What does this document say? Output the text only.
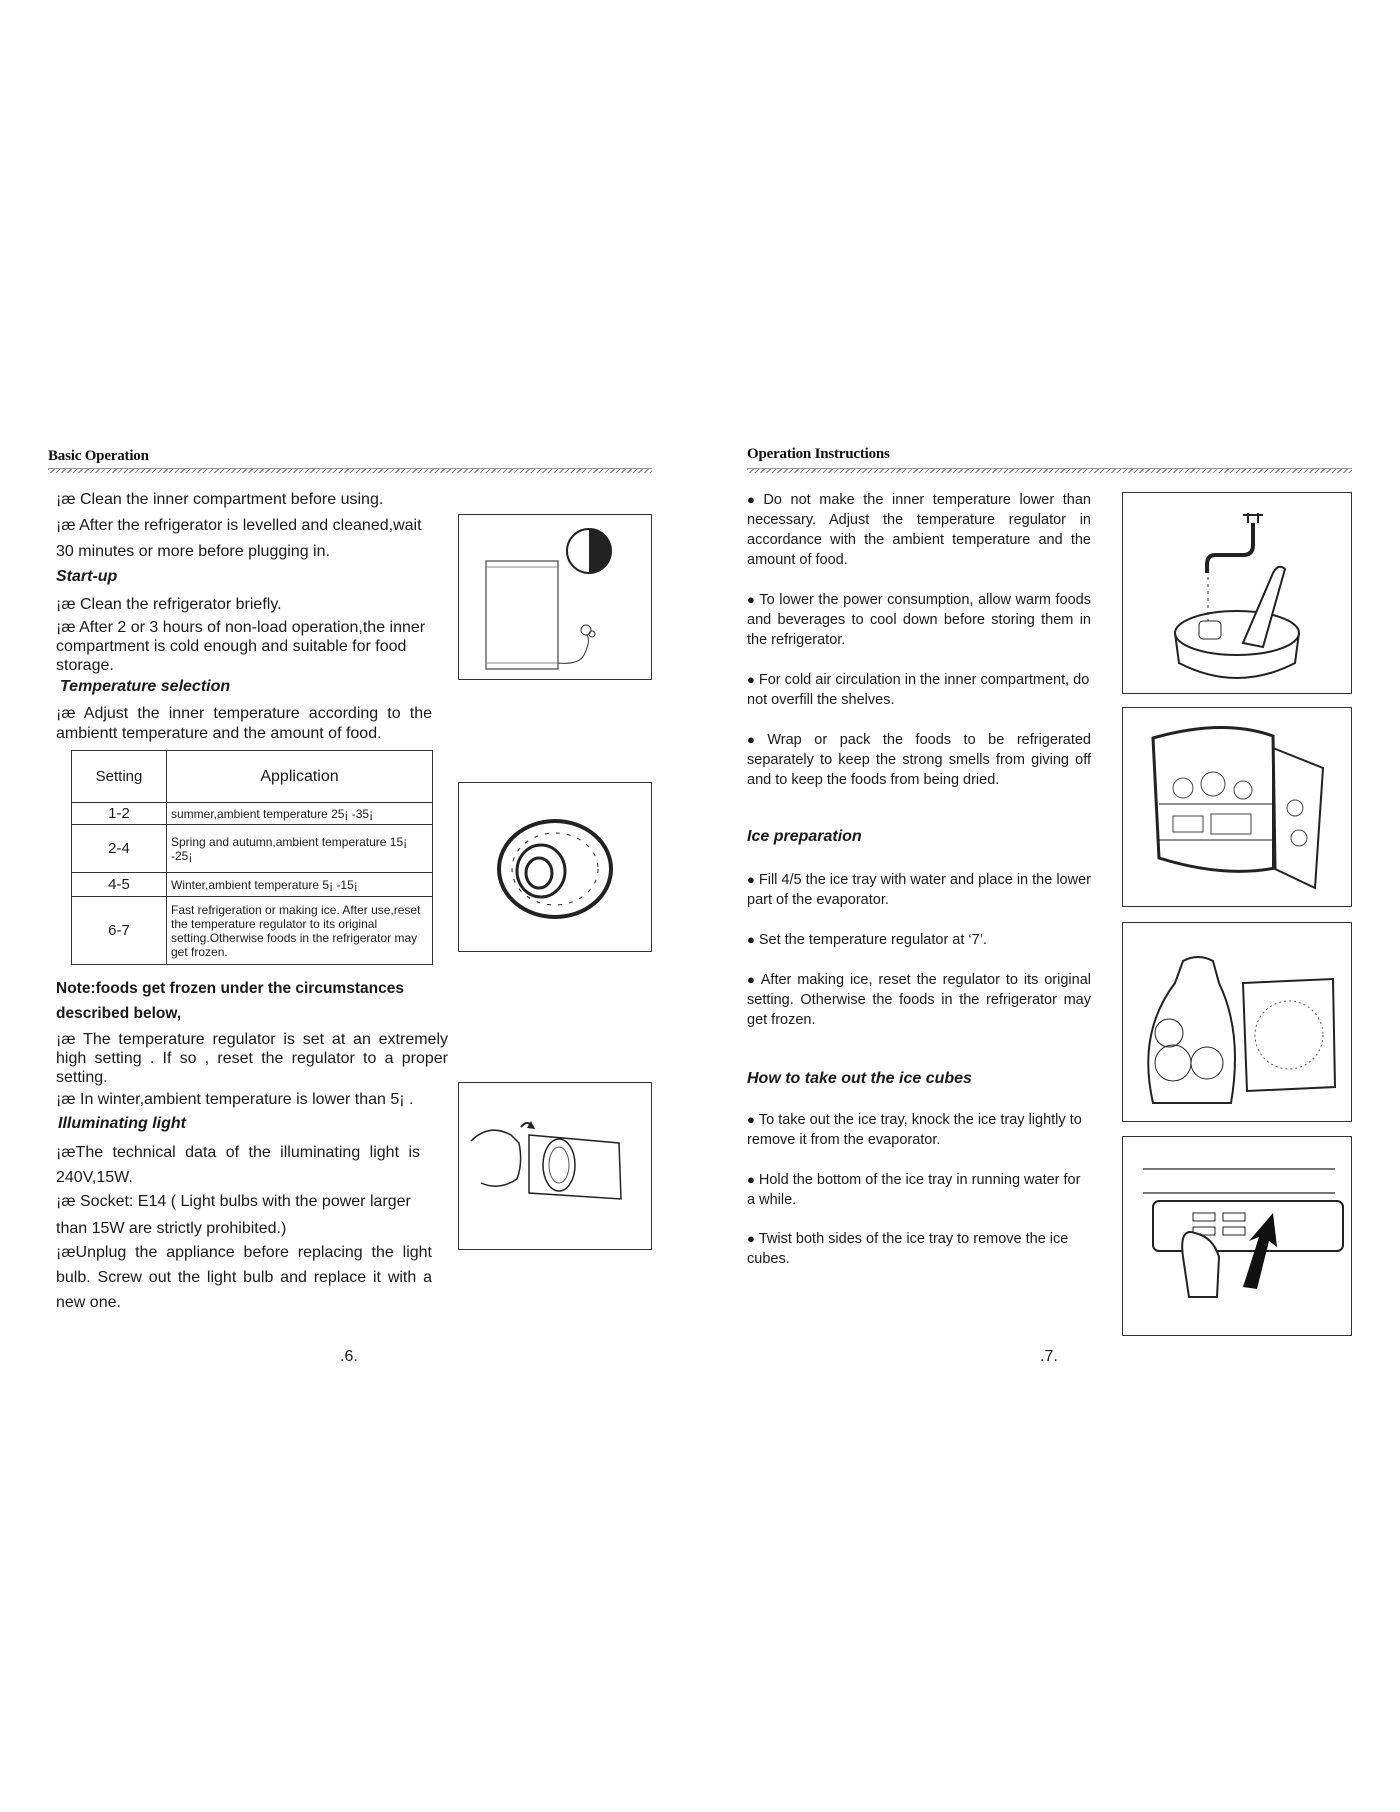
Basic Operation
¡æ Clean the inner compartment before using.
¡æ After the refrigerator is levelled and cleaned,wait
30 minutes or more before plugging in.
Start-up
¡æ Clean the refrigerator briefly.
¡æ After 2 or 3 hours of non-load operation,the inner compartment is cold enough and suitable for food storage.
Temperature selection
¡æ Adjust the inner temperature according to the ambientt temperature and the amount of food.
Setting	Application
1-2	summer,ambient temperature 25¡ -35¡
2-4	Spring and autumn,ambient temperature 15¡ -25¡
4-5	Winter,ambient temperature 5¡ -15¡
6-7	Fast refrigeration or making ice. After use,reset the temperature regulator to its original setting.Otherwise foods in the refrigerator may get frozen.
Note:foods get frozen under the circumstances
described below,
¡æ The temperature regulator is set at an extremely high setting . If so , reset the regulator to a proper setting.
¡æ In winter,ambient temperature is lower than 5¡ .
Illuminating light
¡æThe technical data of the illuminating light is 240V,15W.
¡æ Socket: E14 ( Light bulbs with the power larger than 15W are strictly prohibited.)
¡æUnplug the appliance before replacing the light bulb. Screw out the light bulb and replace it with a new one.
.6.
Operation Instructions
● Do not make the inner temperature lower than necessary. Adjust the temperature regulator in accordance with the ambient temperature and the amount of food.
● To lower the power consumption, allow warm foods and beverages to cool down before storing them in the refrigerator.
● For cold air circulation in the inner compartment, do not overfill the shelves.
● Wrap or pack the foods to be refrigerated separately to keep the strong smells from giving off and to keep the foods from being dried.
Ice preparation
● Fill 4/5 the ice tray with water and place in the lower part of the evaporator.
● Set the temperature regulator at ‘7’.
● After making ice, reset the regulator to its original setting. Otherwise the foods in the refrigerator may get frozen.
How to take out the ice cubes
● To take out the ice tray, knock the ice tray lightly to remove it from the evaporator.
● Hold the bottom of the ice tray in running water for a while.
● Twist both sides of the ice tray to remove the ice cubes.
.7.
